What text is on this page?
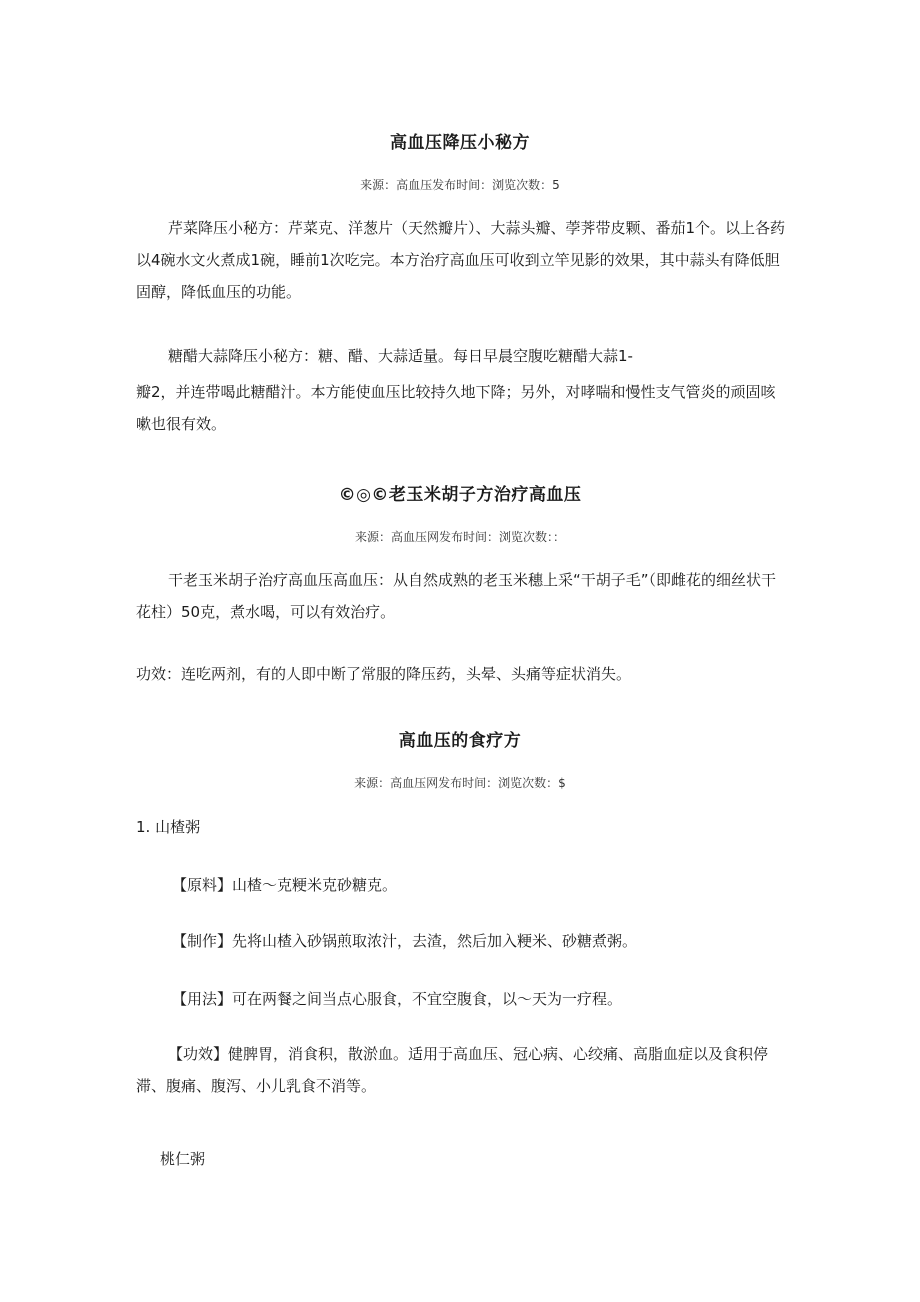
高血压降压小秘方
来源：高血压发布时间：浏览次数：5

芹菜降压小秘方：芹菜克、洋葱片（天然瓣片）、大蒜头瓣、荸荠带皮颗、番茄1个。以上各药以4碗水文火煮成1碗，睡前1次吃完。本方治疗高血压可收到立竿见影的效果，其中蒜头有降低胆固醇，降低血压的功能。

糖醋大蒜降压小秘方：糖、醋、大蒜适量。每日早晨空腹吃糖醋大蒜1-

瓣2，并连带喝此糖醋汁。本方能使血压比较持久地下降；另外，对哮喘和慢性支气管炎的顽固咳嗽也很有效。

©◎©老玉米胡子方治疗高血压
来源：高血压网发布时间：浏览次数：：

干老玉米胡子治疗高血压高血压：从自然成熟的老玉米穗上采“干胡子毛”（即雌花的细丝状干花柱）50克，煮水喝，可以有效治疗。

功效：连吃两剂，有的人即中断了常服的降压药，头晕、头痛等症状消失。

高血压的食疗方
来源：高血压网发布时间：浏览次数：$
1. 山楂粥
【原料】山楂～克粳米克砂糖克。
【制作】先将山楂入砂锅煎取浓汁，去渣，然后加入粳米、砂糖煮粥。
【用法】可在两餐之间当点心服食，不宜空腹食，以～天为一疗程。

【功效】健脾胃，消食积，散淤血。适用于高血压、冠心病、心绞痛、高脂血症以及食积停滞、腹痛、腹泻、小儿乳食不消等。

桃仁粥
